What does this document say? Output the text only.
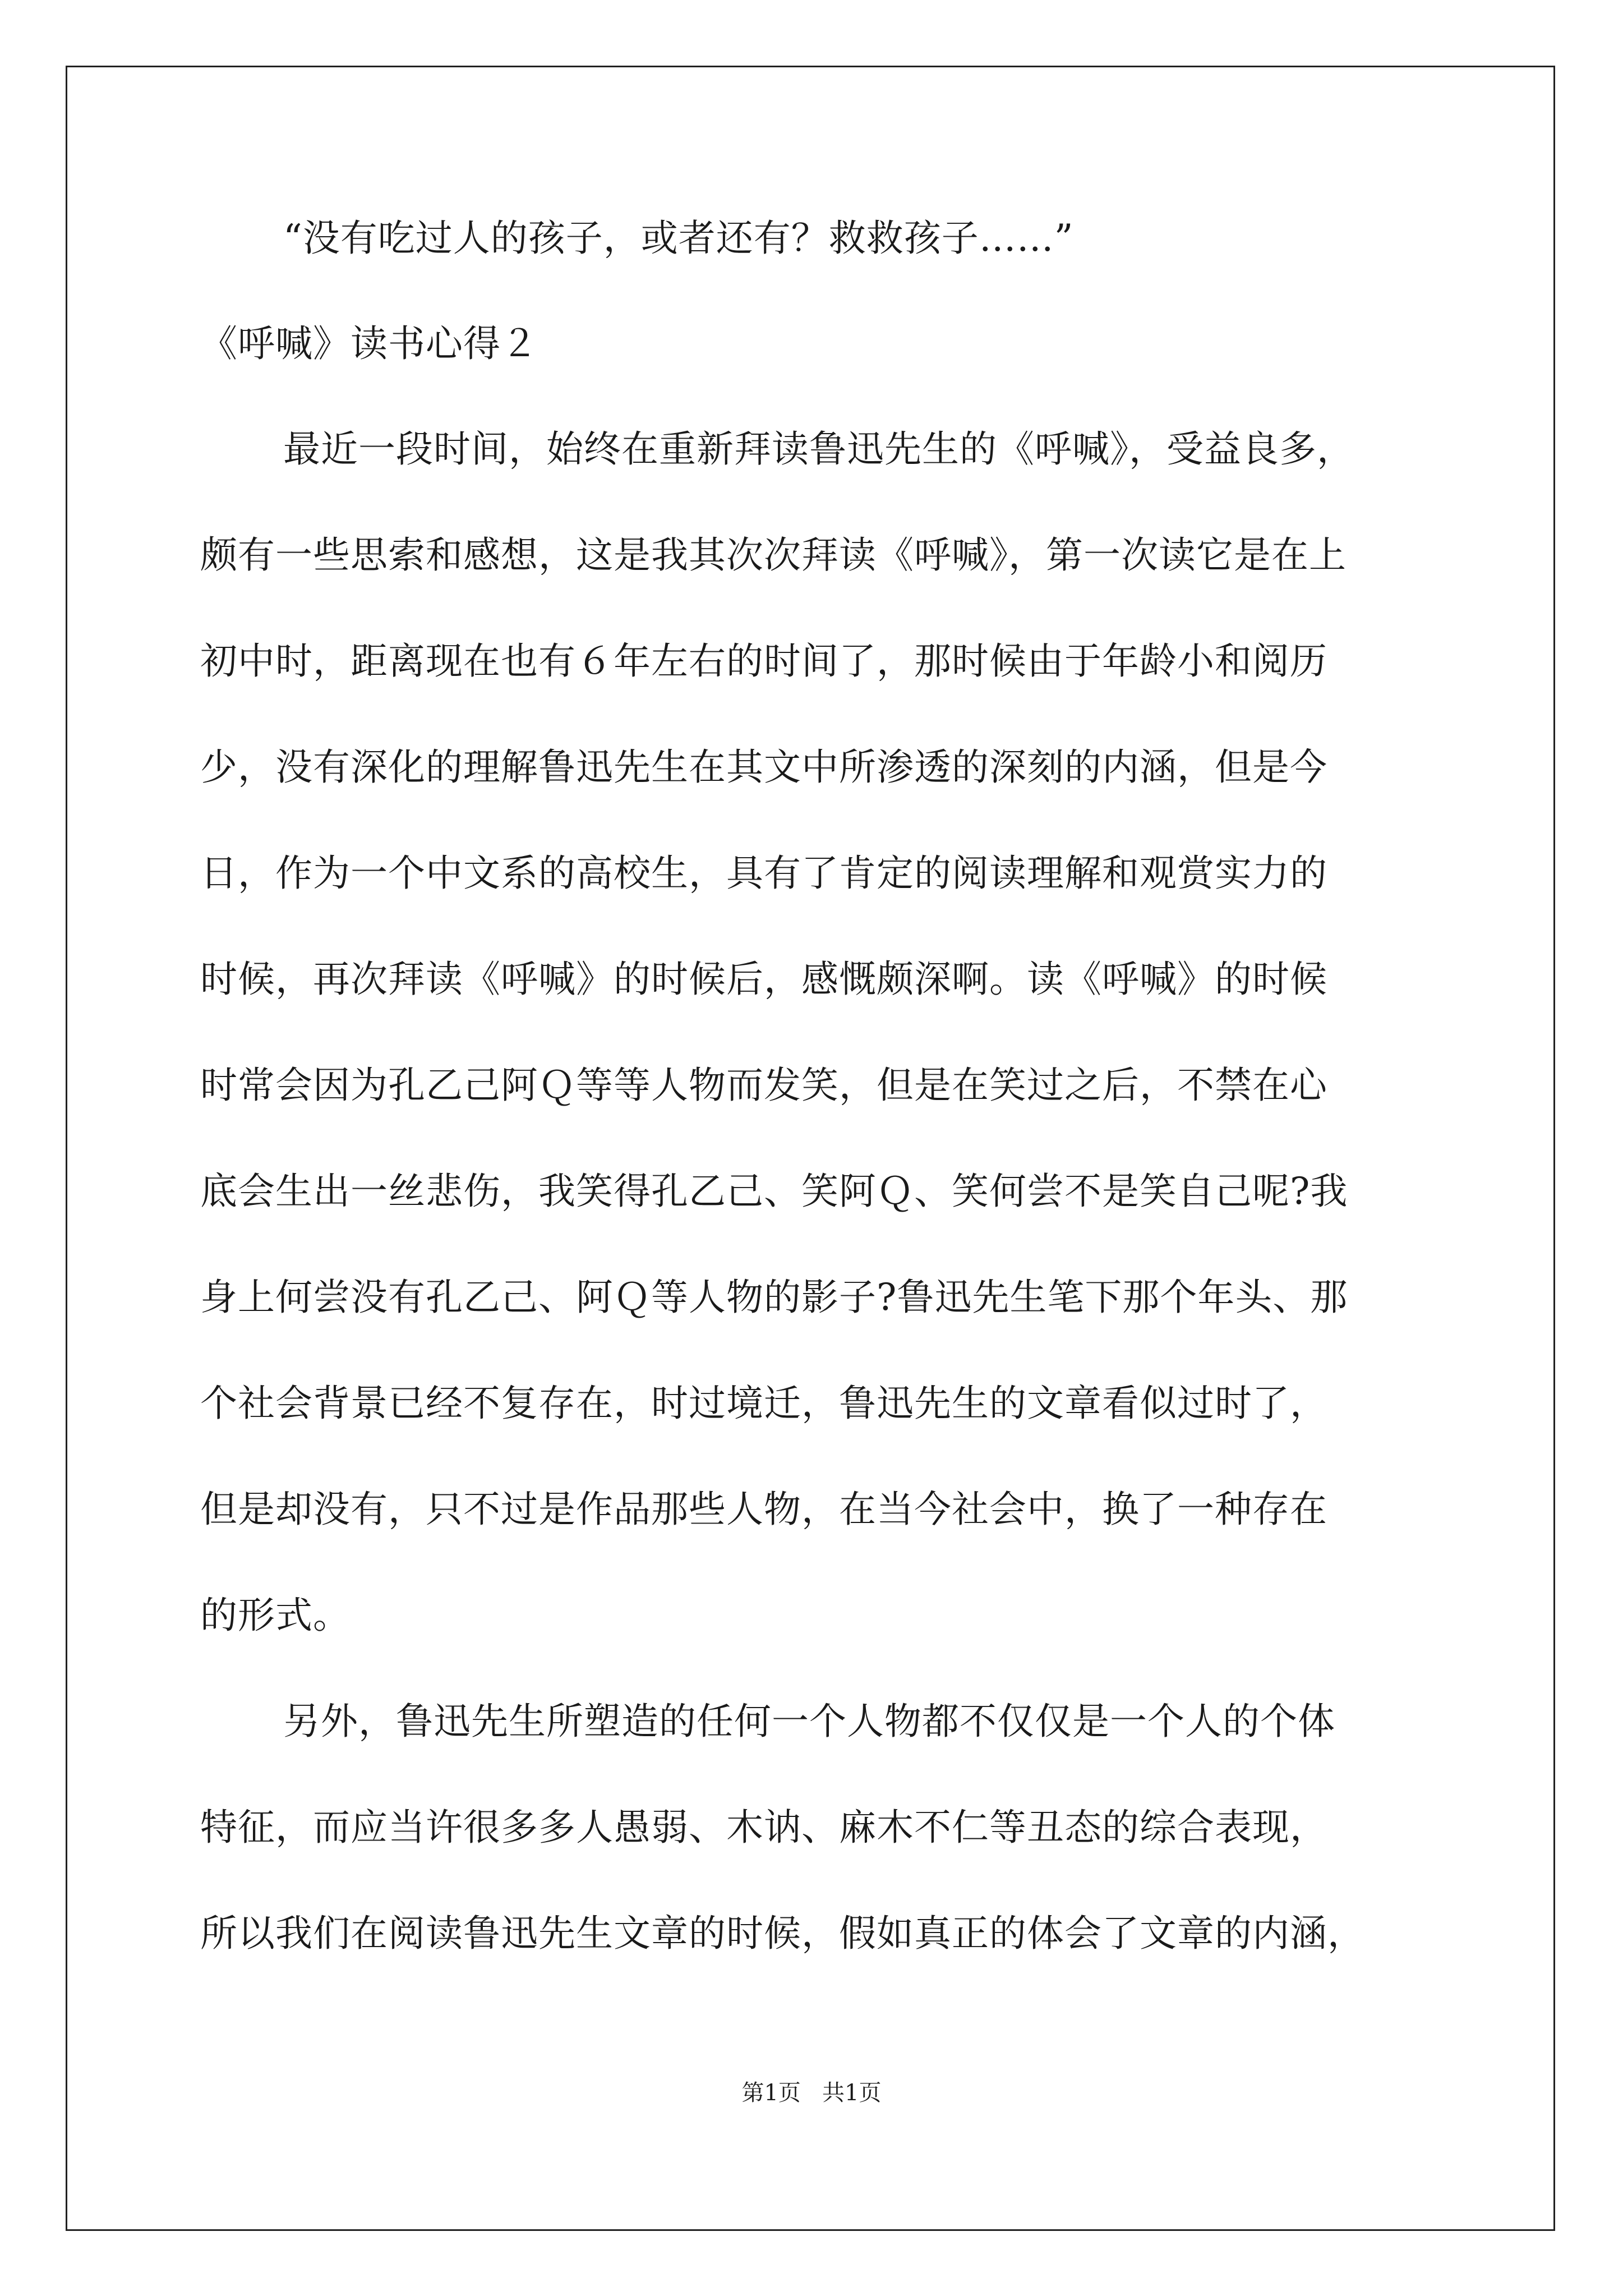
“没有吃过人的孩子，或者还有？救救孩子……”
《呼喊》读书心得２
最近一段时间，始终在重新拜读鲁迅先生的《呼喊》，受益良多，
颇有一些思索和感想，这是我其次次拜读《呼喊》，第一次读它是在上
初中时，距离现在也有６年左右的时间了，那时候由于年龄小和阅历
少，没有深化的理解鲁迅先生在其文中所渗透的深刻的内涵，但是今
日，作为一个中文系的高校生，具有了肯定的阅读理解和观赏实力的
时候，再次拜读《呼喊》的时候后，感慨颇深啊。读《呼喊》的时候
时常会因为孔乙己阿Ｑ等等人物而发笑，但是在笑过之后，不禁在心
底会生出一丝悲伤，我笑得孔乙己、笑阿Ｑ、笑何尝不是笑自己呢?我
身上何尝没有孔乙己、阿Ｑ等人物的影子?鲁迅先生笔下那个年头、那
个社会背景已经不复存在，时过境迁，鲁迅先生的文章看似过时了，
但是却没有，只不过是作品那些人物，在当今社会中，换了一种存在
的形式。
另外，鲁迅先生所塑造的任何一个人物都不仅仅是一个人的个体
特征，而应当许很多多人愚弱、木讷、麻木不仁等丑态的综合表现，
所以我们在阅读鲁迅先生文章的时候，假如真正的体会了文章的内涵，
第1页   共1页
